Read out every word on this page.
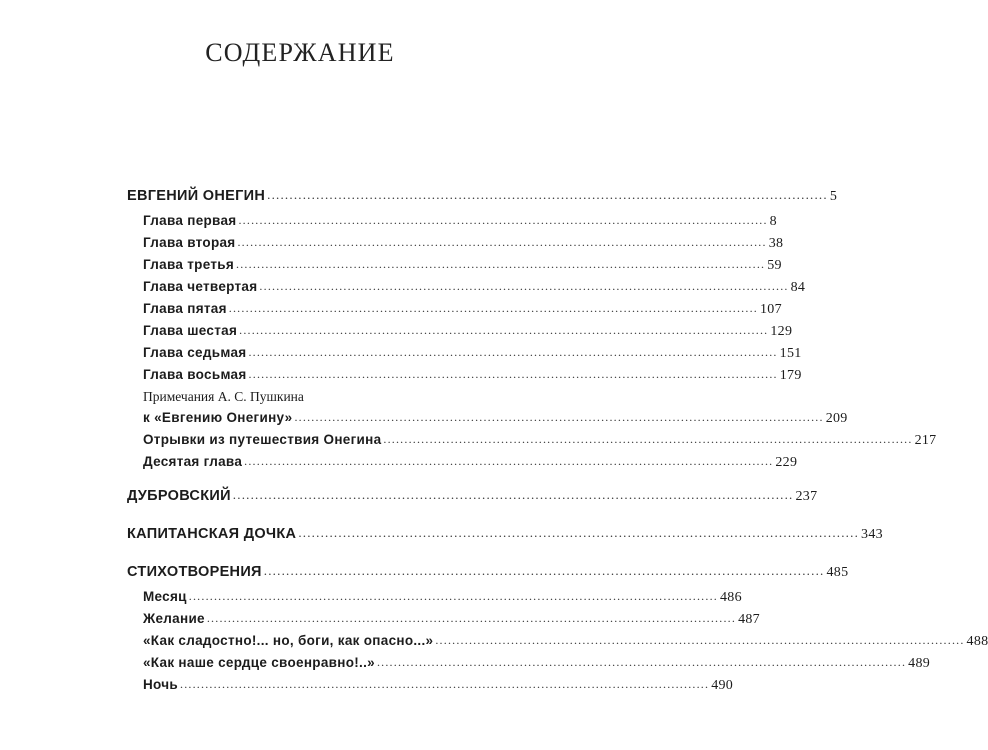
СОДЕРЖАНИЕ
ЕВГЕНИЙ ОНЕГИН .............................................................................................................................. 5
Глава первая .............................................................................................................................. 8
Глава вторая .............................................................................................................................. 38
Глава третья .............................................................................................................................. 59
Глава четвертая .............................................................................................................................. 84
Глава пятая .............................................................................................................................. 107
Глава шестая .............................................................................................................................. 129
Глава седьмая .............................................................................................................................. 151
Глава восьмая .............................................................................................................................. 179
Примечания А. С. Пушкина
к «Евгению Онегину» .............................................................................................................................. 209
Отрывки из путешествия Онегина .............................................................................................................................. 217
Десятая глава .............................................................................................................................. 229
ДУБРОВСКИЙ .............................................................................................................................. 237
КАПИТАНСКАЯ ДОЧКА .............................................................................................................................. 343
СТИХОТВОРЕНИЯ .............................................................................................................................. 485
Месяц .............................................................................................................................. 486
Желание .............................................................................................................................. 487
«Как сладостно!... но, боги, как опасно...» .............................................................................................................................. 488
«Как наше сердце своенравно!..» .............................................................................................................................. 489
Ночь .............................................................................................................................. 490
